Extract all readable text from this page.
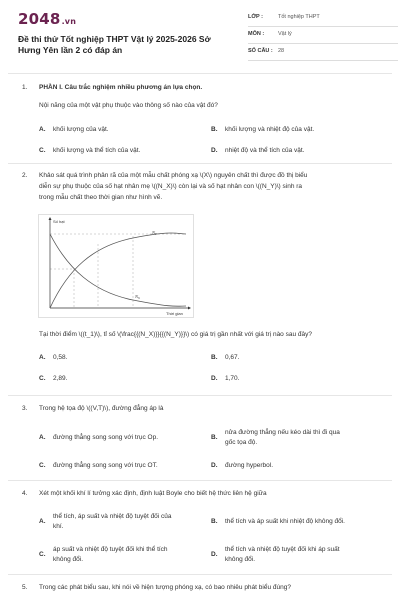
2048.vn
Đề thi thử Tốt nghiệp THPT Vật lý 2025-2026 Sở Hưng Yên lần 2 có đáp án
LỚP :	Tốt nghiệp THPT
MÔN :	Vật lý
SỐ CÂU : 28
1. PHẦN I. Câu trắc nghiệm nhiều phương án lựa chọn.
Nội năng của một vật phụ thuộc vào thông số nào của vật đó?
A. khối lượng của vật.	B. khối lượng và nhiệt độ của vật.
C. khối lượng và thể tích của vật.	D. nhiệt độ và thể tích của vật.
2. Khảo sát quá trình phân rã của một mẫu chất phóng xạ \(X\) nguyên chất thì được đồ thị biểu
diễn sự phụ thuộc của số hạt nhân mẹ \((N_X)\) còn lại và số hạt nhân con \((N_Y)\) sinh ra
trong mẫu chất theo thời gian như hình vẽ.
Số hạt
Thời gian
$N_Y$
$N_X$
Tại thời điểm \((t_1)\), tỉ số \(\frac{{(N_X)}}{{(N_Y)}}\) có giá trị gần nhất với giá trị nào sau đây?
A. 0,58.	B. 0,67.
C. 2,89.	D. 1,70.
3. Trong hệ tọa độ \((V,T)\), đường đẳng áp là
A. đường thẳng song song với trục Op.	B.
nửa đường thẳng nếu kéo dài thì đi qua
gốc tọa độ.
C. đường thẳng song song với trục OT.	D. đường hyperbol.
4. Xét một khối khí lí tưởng xác định, định luật Boyle cho biết hệ thức liên hệ giữa
A.
thể tích, áp suất và nhiệt độ tuyệt đối của
khí.
B. thể tích và áp suất khi nhiệt độ không đổi.
C.
áp suất và nhiệt độ tuyệt đối khi thể tích
không đổi.
D.
thể tích và nhiệt độ tuyệt đối khi áp suất
không đổi.
5. Trong các phát biểu sau, khi nói về hiện tượng phóng xạ, có bao nhiêu phát biểu đúng?
